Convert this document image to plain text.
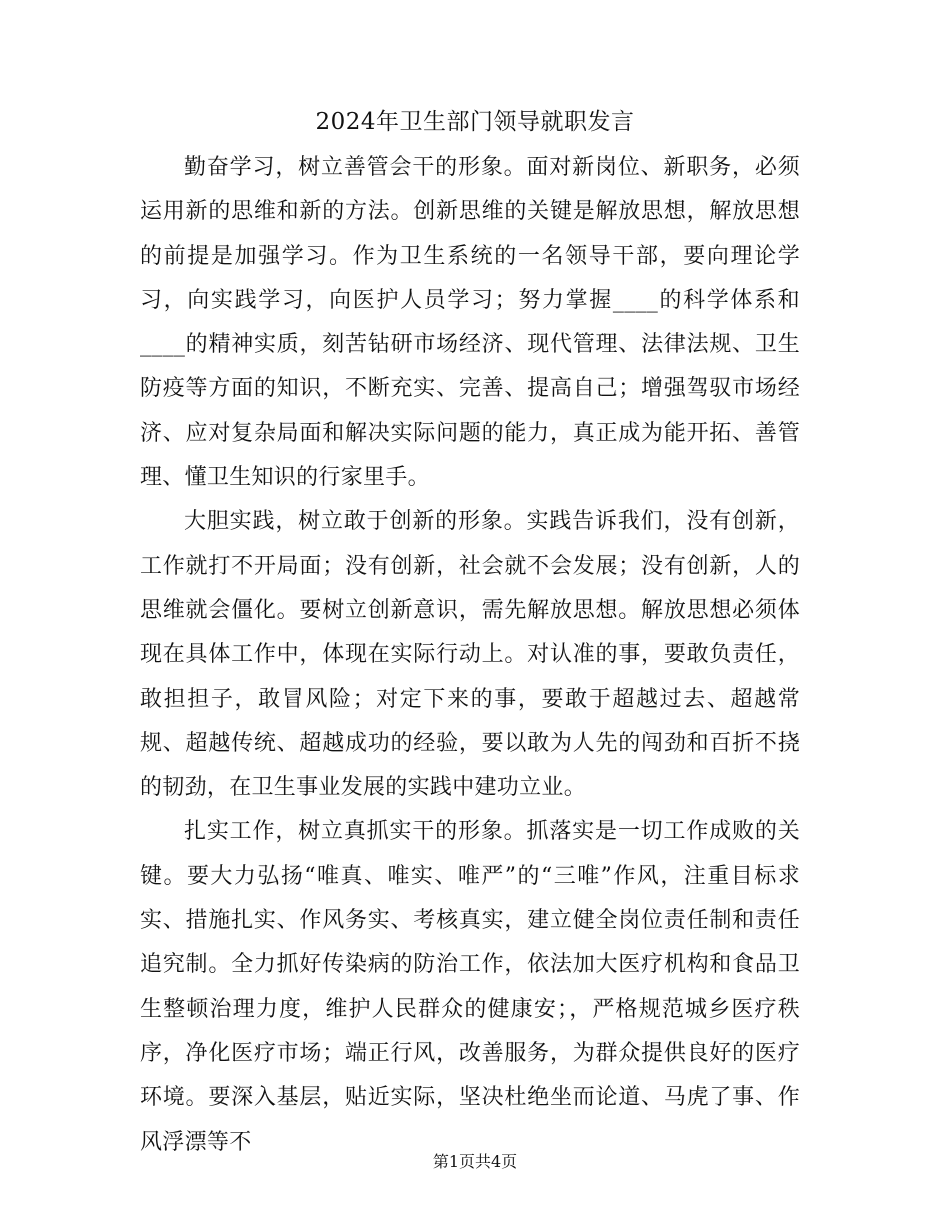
2024年卫生部门领导就职发言

勤奋学习，树立善管会干的形象。面对新岗位、新职务，必须运用新的思维和新的方法。创新思维的关键是解放思想，解放思想的前提是加强学习。作为卫生系统的一名领导干部，要向理论学习，向实践学习，向医护人员学习；努力掌握____的科学体系和____的精神实质，刻苦钻研市场经济、现代管理、法律法规、卫生防疫等方面的知识，不断充实、完善、提高自己；增强驾驭市场经济、应对复杂局面和解决实际问题的能力，真正成为能开拓、善管理、懂卫生知识的行家里手。

大胆实践，树立敢于创新的形象。实践告诉我们，没有创新，工作就打不开局面；没有创新，社会就不会发展；没有创新，人的思维就会僵化。要树立创新意识，需先解放思想。解放思想必须体现在具体工作中，体现在实际行动上。对认准的事，要敢负责任，敢担担子，敢冒风险；对定下来的事，要敢于超越过去、超越常规、超越传统、超越成功的经验，要以敢为人先的闯劲和百折不挠的韧劲，在卫生事业发展的实践中建功立业。

扎实工作，树立真抓实干的形象。抓落实是一切工作成败的关键。要大力弘扬“唯真、唯实、唯严”的“三唯”作风，注重目标求实、措施扎实、作风务实、考核真实，建立健全岗位责任制和责任追究制。全力抓好传染病的防治工作，依法加大医疗机构和食品卫生整顿治理力度，维护人民群众的健康安；，严格规范城乡医疗秩序，净化医疗市场；端正行风，改善服务，为群众提供良好的医疗环境。要深入基层，贴近实际，坚决杜绝坐而论道、马虎了事、作风浮漂等不

第1页共4页
